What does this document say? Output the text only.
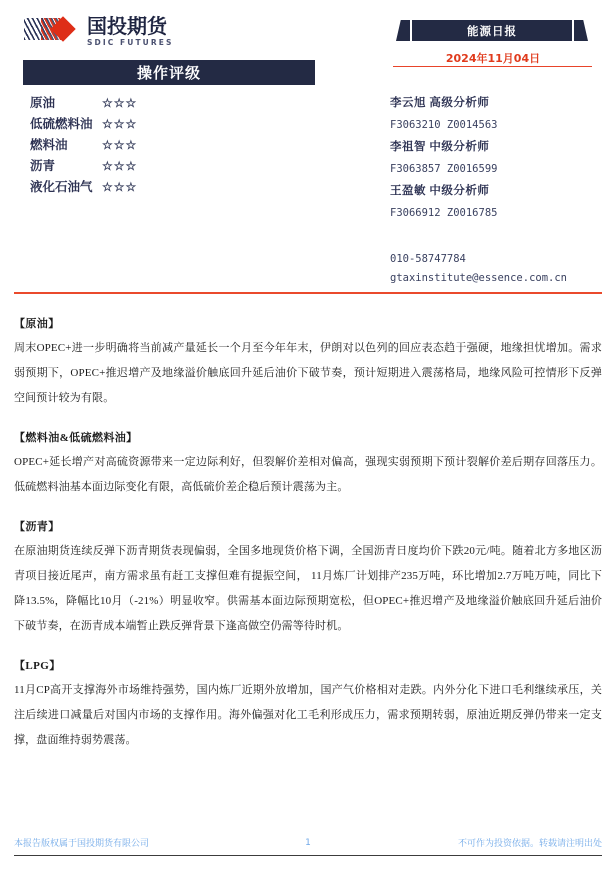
国投期货
SDIC FUTURES
操作评级
原油	☆☆☆
低硫燃料油 ☆☆☆
燃料油	☆☆☆
沥青	☆☆☆
液化石油气 ☆☆☆
能源日报
2024年11月04日
李云旭 高级分析师
F3063210 Z0014563
李祖智 中级分析师
F3063857 Z0016599
王盈敏 中级分析师
F3066912 Z0016785
010-58747784
gtaxinstitute@essence.com.cn
【原油】
周末OPEC+进一步明确将当前减产量延长一个月至今年年末，伊朗对以色列的回应表态趋于强硬，地缘担忧增加。需求弱预期下，OPEC+推迟增产及地缘溢价触底回升延后油价下破节奏，预计短期进入震荡格局，地缘风险可控情形下反弹空间预计较为有限。
【燃料油&低硫燃料油】
OPEC+延长增产对高硫资源带来一定边际利好，但裂解价差相对偏高，强现实弱预期下预计裂解价差后期存回落压力。低硫燃料油基本面边际变化有限，高低硫价差企稳后预计震荡为主。
【沥青】
在原油期货连续反弹下沥青期货表现偏弱，全国多地现货价格下调，全国沥青日度均价下跌20元/吨。随着北方多地区沥青项目接近尾声，南方需求虽有赶工支撑但难有提振空间， 11月炼厂计划排产235万吨，环比增加2.7万吨万吨，同比下降13.5%，降幅比10月（-21%）明显收窄。供需基本面边际预期宽松，但OPEC+推迟增产及地缘溢价触底回升延后油价下破节奏，在沥青成本端暂止跌反弹背景下逢高做空仍需等待时机。
【LPG】
11月CP高开支撑海外市场维持强势，国内炼厂近期外放增加，国产气价格相对走跌。内外分化下进口毛利继续承压，关注后续进口减量后对国内市场的支撑作用。海外偏强对化工毛利形成压力，需求预期转弱，原油近期反弹仍带来一定支撑，盘面维持弱势震荡。
本报告版权属于国投期货有限公司	1	不可作为投资依据。转载请注明出处
